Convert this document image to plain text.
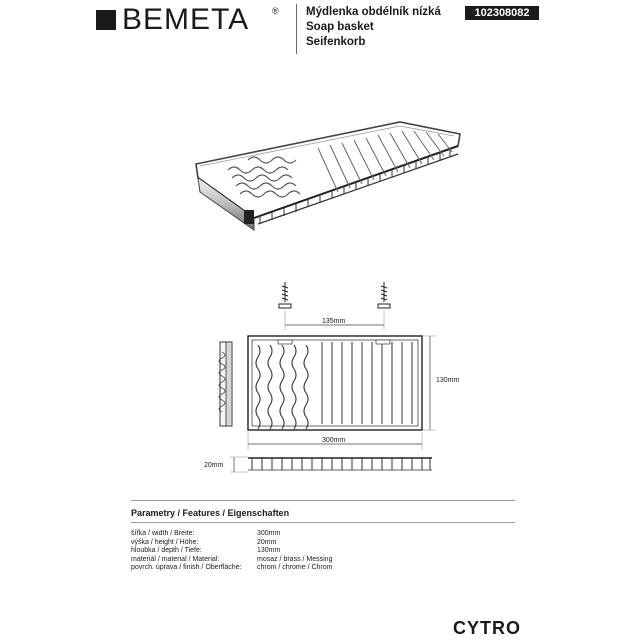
BEMETA	® Mýdlenka obdélník nízká
Soap basket
Seifenkorb
102308082
135mm
130mm
300mm
20mm
Parametry / Features / Eigenschaften
šířka / width / Breite:	300mm
výška / height / Höhe:	20mm
hloubka / depth / Tiefe:	130mm
materiál / material / Material:	mosaz / brass / Messing
povrch. úprava / finish / Oberfläche: chrom / chrome / Chrom
CYTRO
